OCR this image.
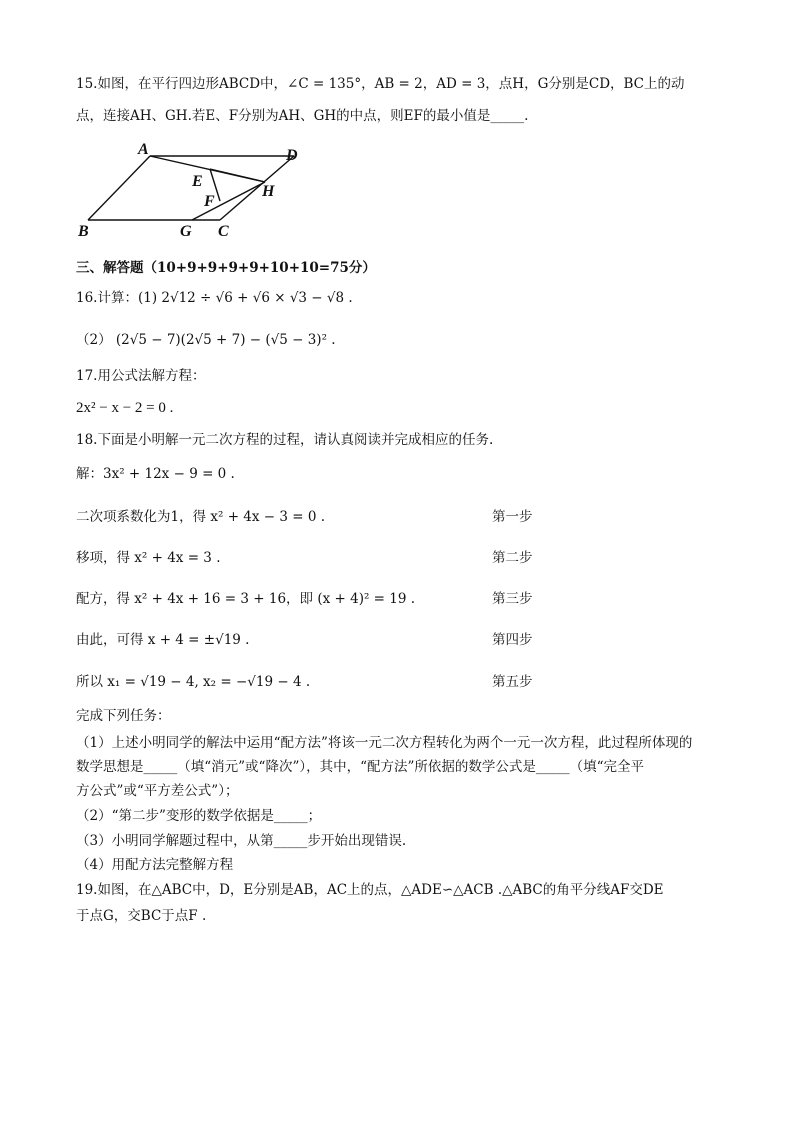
15.如图，在平行四边形ABCD中，∠C = 135°，AB = 2，AD = 3，点H，G分别是CD，BC上的动
点，连接AH、GH.若E、F分别为AH、GH的中点，则EF的最小值是_____.
A	D
E
H
F
B	G C
三、解答题（10+9+9+9+9+10+10=75分）
16.计算：(1) 2√12 ÷ √6 + √6 × √3 − √8 .
（2） (2√5 − 7)(2√5 + 7) − (√5 − 3)² .
17.用公式法解方程：
2x² − x − 2 = 0 .
18.下面是小明解一元二次方程的过程，请认真阅读并完成相应的任务.
解：3x² + 12x − 9 = 0 .
二次项系数化为1，得 x² + 4x − 3 = 0 .	第一步
移项，得 x² + 4x = 3 .	第二步
配方，得 x² + 4x + 16 = 3 + 16，即 (x + 4)² = 19 .	第三步
由此，可得 x + 4 = ±√19 .	第四步
所以 x₁ = √19 − 4, x₂ = −√19 − 4 .	第五步
完成下列任务：
（1）上述小明同学的解法中运用“配方法”将该一元二次方程转化为两个一元一次方程，此过程所体现的
数学思想是_____（填“消元”或“降次”），其中，“配方法”所依据的数学公式是_____（填“完全平
方公式”或“平方差公式”）；
（2）“第二步”变形的数学依据是_____；
（3）小明同学解题过程中，从第_____步开始出现错误.
（4）用配方法完整解方程
19.如图，在△ABC中，D，E分别是AB，AC上的点，△ADE∽△ACB .△ABC的角平分线AF交DE
于点G，交BC于点F .
